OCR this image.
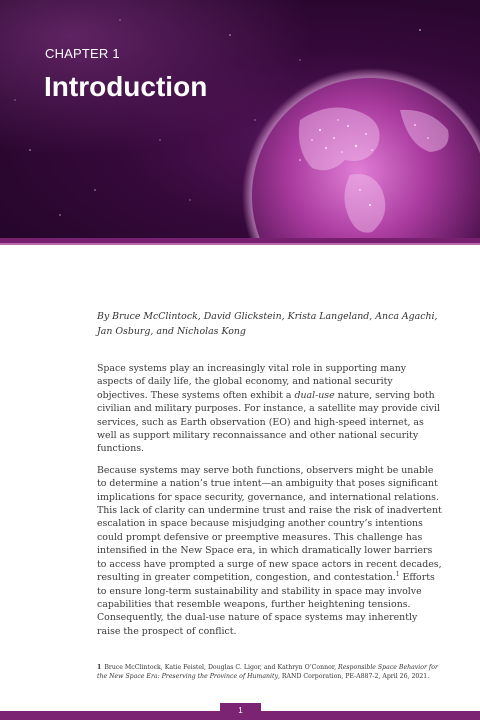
CHAPTER 1
Introduction

By Bruce McClintock, David Glickstein, Krista Langeland, Anca Agachi, Jan Osburg, and Nicholas Kong

Space systems play an increasingly vital role in supporting many aspects of daily life, the global economy, and national security objectives. These systems often exhibit a dual-use nature, serving both civilian and military purposes. For instance, a satellite may provide civil services, such as Earth observation (EO) and high-speed internet, as well as support military reconnaissance and other national security functions.

Because systems may serve both functions, observers might be unable to determine a nation’s true intent—an ambiguity that poses significant implications for space security, governance, and international relations. This lack of clarity can undermine trust and raise the risk of inadvertent escalation in space because misjudging another country’s intentions could prompt defensive or preemptive measures. This challenge has intensified in the New Space era, in which dramatically lower barriers to access have prompted a surge of new space actors in recent decades, resulting in greater competition, congestion, and contestation.$^1$ Efforts to ensure long-term sustainability and stability in space may involve capabilities that resemble weapons, further heightening tensions. Consequently, the dual-use nature of space systems may inherently raise the prospect of conflict.

1 Bruce McClintock, Katie Feistel, Douglas C. Ligor, and Kathryn O’Connor, Responsible Space Behavior for the New Space Era: Preserving the Province of Humanity, RAND Corporation, PE-A887-2, April 26, 2021.
1
